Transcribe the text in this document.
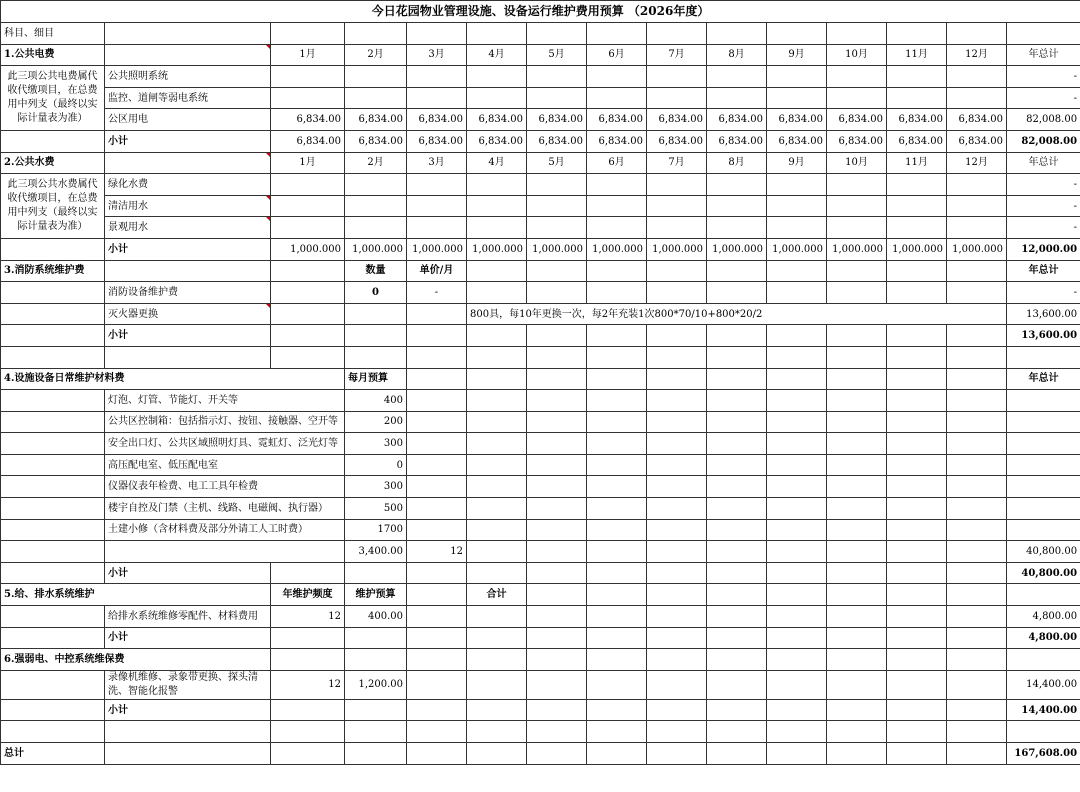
今日花园物业管理设施、设备运行维护费用预算 （2026年度）														
科目、细目														
1.公共电费		1月	2月	3月	4月	5月	6月	7月	8月	9月	10月	11月	12月	年总计
此三项公共电费属代收代缴项目，在总费用中列支（最终以实际计量表为准）	公共照明系统													-
	监控、道闸等弱电系统													-
	公区用电	6,834.00	6,834.00	6,834.00	6,834.00	6,834.00	6,834.00	6,834.00	6,834.00	6,834.00	6,834.00	6,834.00	6,834.00	82,008.00
	小计	6,834.00	6,834.00	6,834.00	6,834.00	6,834.00	6,834.00	6,834.00	6,834.00	6,834.00	6,834.00	6,834.00	6,834.00	82,008.00
2.公共水费		1月	2月	3月	4月	5月	6月	7月	8月	9月	10月	11月	12月	年总计
此三项公共水费属代收代缴项目，在总费用中列支（最终以实际计量表为准）	绿化水费													-
	清洁用水													-
	景观用水													-
	小计	1,000.000	1,000.000	1,000.000	1,000.000	1,000.000	1,000.000	1,000.000	1,000.000	1,000.000	1,000.000	1,000.000	1,000.000	12,000.00
3.消防系统维护费			数量	单价/月										年总计
	消防设备维护费		0	-										-
	灭火器更换				800具，每10年更换一次，每2年充装1次800*70/10+800*20/2									13,600.00
	小计													13,600.00

4.设施设备日常维护材料费			每月预算											年总计
	灯泡、灯管、节能灯、开关等		400											
	公共区控制箱：包括指示灯、按钮、接触器、空开等		200											
	安全出口灯、公共区域照明灯具、霓虹灯、泛光灯等		300											
	高压配电室、低压配电室		0											
	仪器仪表年检费、电工工具年检费		300											
	楼宇自控及门禁（主机、线路、电磁阀、执行器）		500											
	土建小修（含材料费及部分外请工人工时费）		1700											
			3,400.00	12										40,800.00
	小计													40,800.00
5.给、排水系统维护		年维护频度	维护预算		合计									
	给排水系统维修零配件、材料费用	12	400.00											4,800.00
	小计													4,800.00
6.强弱电、中控系统维保费														
	录像机维修、录象带更换、探头清洗、智能化报警	12	1,200.00											14,400.00
	小计													14,400.00

总计														167,608.00
